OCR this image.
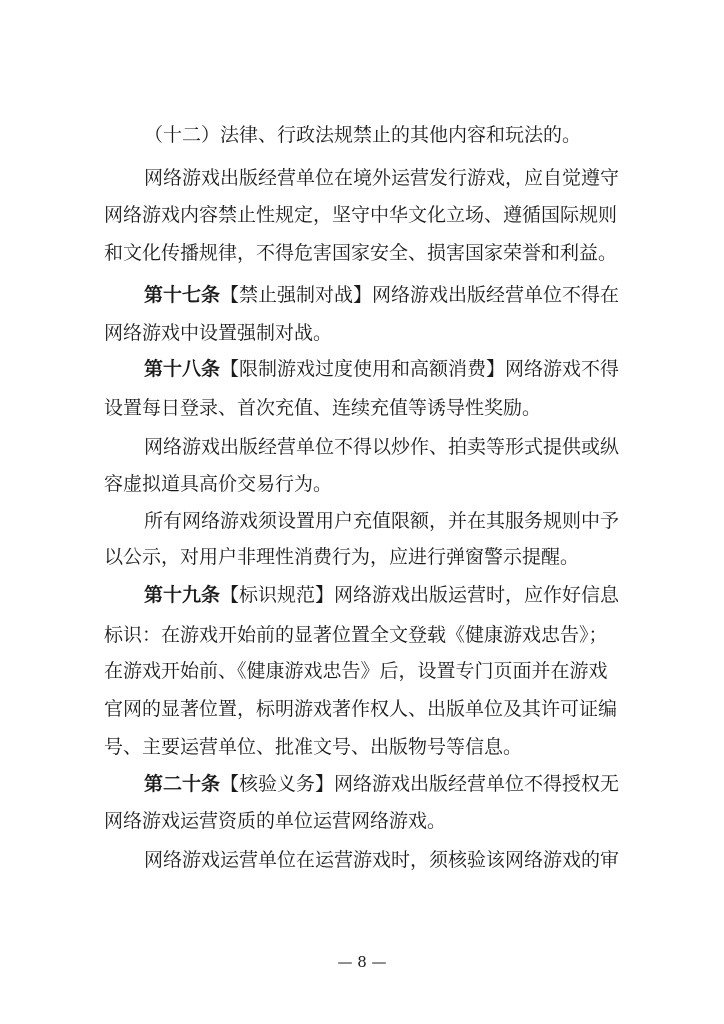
（十二）法律、行政法规禁止的其他内容和玩法的。
网络游戏出版经营单位在境外运营发行游戏，应自觉遵守
网络游戏内容禁止性规定，坚守中华文化立场、遵循国际规则
和文化传播规律，不得危害国家安全、损害国家荣誉和利益。
第十七条【禁止强制对战】网络游戏出版经营单位不得在
网络游戏中设置强制对战。
第十八条【限制游戏过度使用和高额消费】网络游戏不得
设置每日登录、首次充值、连续充值等诱导性奖励。
网络游戏出版经营单位不得以炒作、拍卖等形式提供或纵
容虚拟道具高价交易行为。
所有网络游戏须设置用户充值限额，并在其服务规则中予
以公示，对用户非理性消费行为，应进行弹窗警示提醒。
第十九条【标识规范】网络游戏出版运营时，应作好信息
标识：在游戏开始前的显著位置全文登载《健康游戏忠告》；
在游戏开始前、《健康游戏忠告》后，设置专门页面并在游戏
官网的显著位置，标明游戏著作权人、出版单位及其许可证编
号、主要运营单位、批准文号、出版物号等信息。
第二十条【核验义务】网络游戏出版经营单位不得授权无
网络游戏运营资质的单位运营网络游戏。
网络游戏运营单位在运营游戏时，须核验该网络游戏的审
— 8 —
